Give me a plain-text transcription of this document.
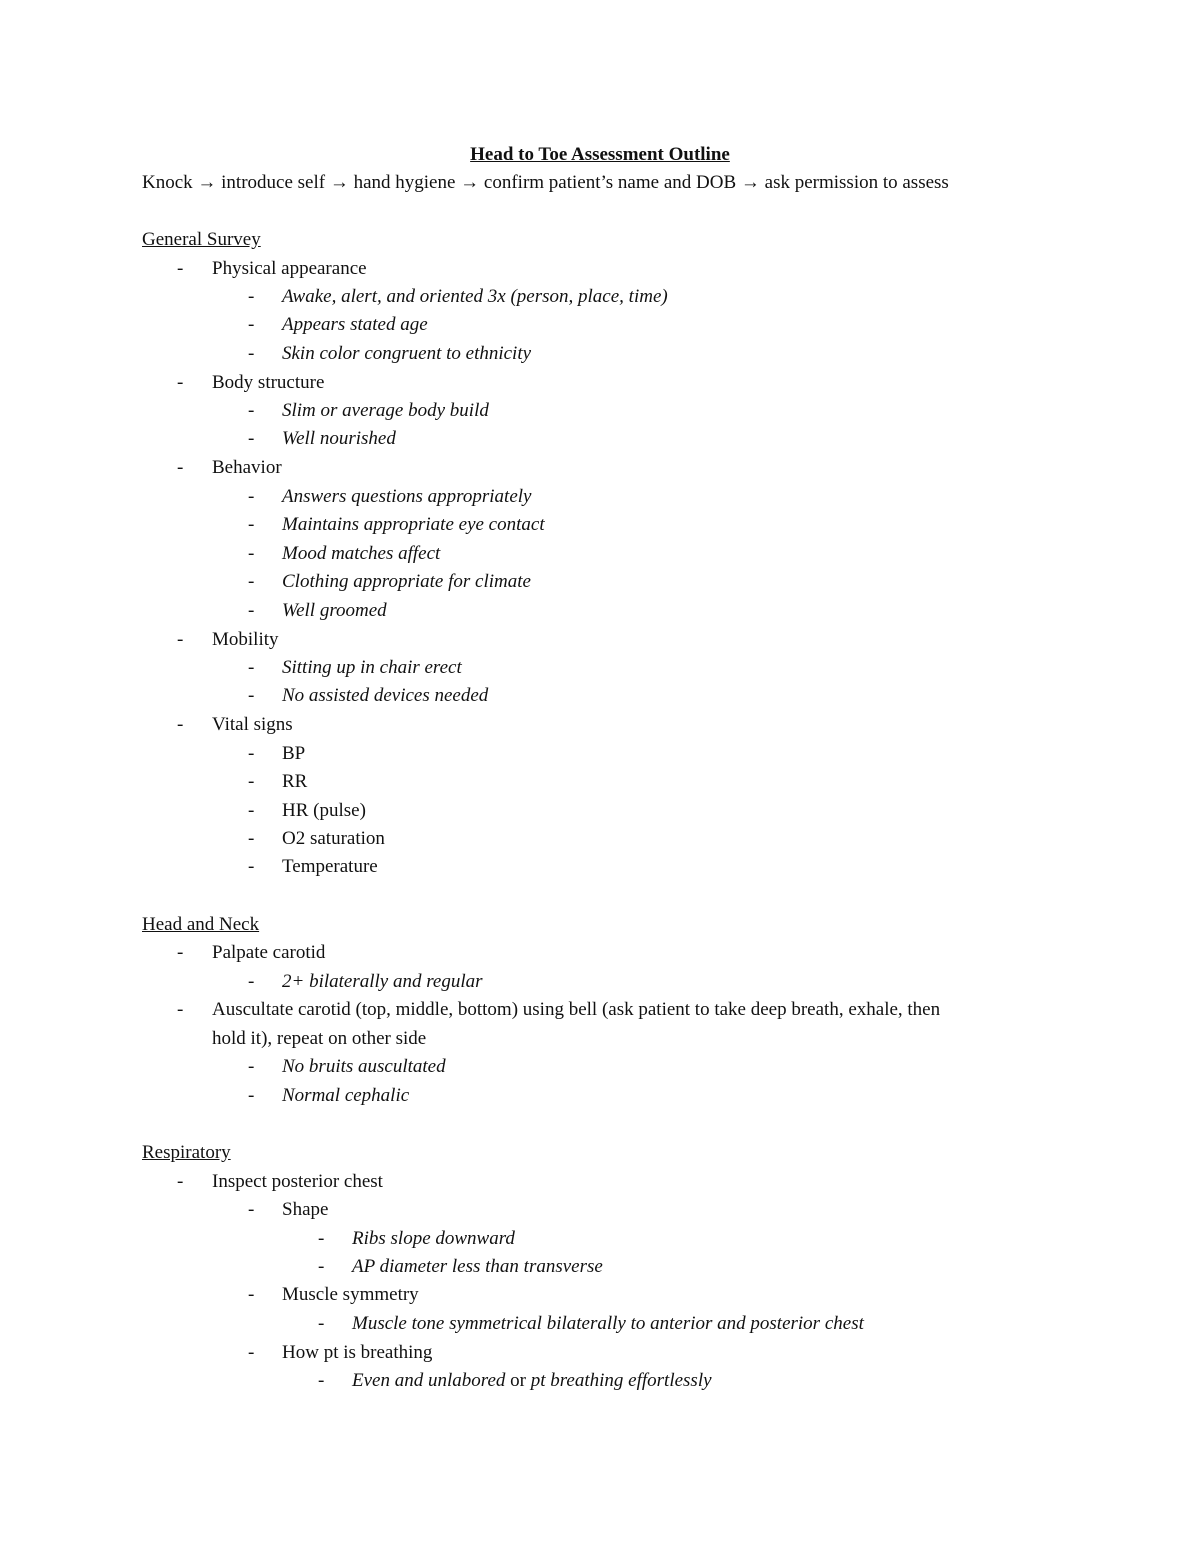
Head to Toe Assessment Outline
Knock → introduce self → hand hygiene → confirm patient’s name and DOB → ask permission to assess
General Survey
- Physical appearance
- Awake, alert, and oriented 3x (person, place, time)
- Appears stated age
- Skin color congruent to ethnicity
- Body structure
- Slim or average body build
- Well nourished
- Behavior
- Answers questions appropriately
- Maintains appropriate eye contact
- Mood matches affect
- Clothing appropriate for climate
- Well groomed
- Mobility
- Sitting up in chair erect
- No assisted devices needed
- Vital signs
- BP
- RR
- HR (pulse)
- O2 saturation
- Temperature
Head and Neck
- Palpate carotid
- 2+ bilaterally and regular
- Auscultate carotid (top, middle, bottom) using bell (ask patient to take deep breath, exhale, then
hold it), repeat on other side
- No bruits auscultated
- Normal cephalic
Respiratory
- Inspect posterior chest
- Shape
- Ribs slope downward
- AP diameter less than transverse
- Muscle symmetry
- Muscle tone symmetrical bilaterally to anterior and posterior chest
- How pt is breathing
- Even and unlabored or pt breathing effortlessly
